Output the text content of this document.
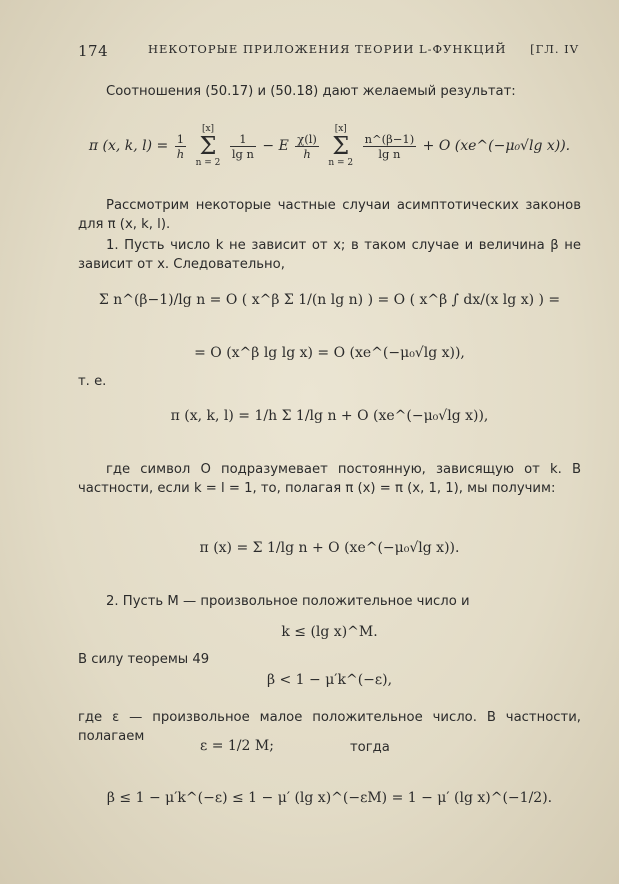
174	НЕКОТОРЫЕ ПРИЛОЖЕНИЯ ТЕОРИИ L-ФУНКЦИЙ [ГЛ. IV
Соотношения (50.17) и (50.18) дают желаемый результат:
π (x, k, $l) = \frac{1}{h}$

[x]
Σ
n = 2

$\frac{1}{\text{lg n}} - E \frac{\chi(l)}{h}$

[x]
Σ
n = 2

$\frac{n\^{}(\beta-1)}{\text{lg n}} + O$ (xe^(−μ₀√lg x)).
Рассмотрим некоторые частные случаи асимптотических законов для π (x, k, l).
1. Пусть число k не зависит от x; в таком случае и величина β не зависит от x. Следовательно,
Σ n^(β−1)/lg n = O ( x^β Σ 1/(n lg n) ) = O ( x^β ∫ dx/(x lg x) ) =
= O (x^β lg lg x) = O (xe^(−μ₀√lg x)),
т. е.
π (x, k, l) = 1/h Σ 1/lg n + O (xe^(−μ₀√lg x)),
где символ O подразумевает постоянную, зависящую от k. В частности, если k = l = 1, то, полагая π (x) = π (x, 1, 1), мы получим:
π (x) = Σ 1/lg n + O (xe^(−μ₀√lg x)).
2. Пусть M — произвольное положительное число и
k ≤ (lg x)^M.
В силу теоремы 49
β < 1 − μ′k^(−ε),
где ε — произвольное малое положительное число. В частности, полагаем
ε = 1/2 M;	тогда
β ≤ 1 − μ′k^(−ε) ≤ 1 − μ′ (lg x)^(−εM) = 1 − μ′ (lg x)^(−1/2).
